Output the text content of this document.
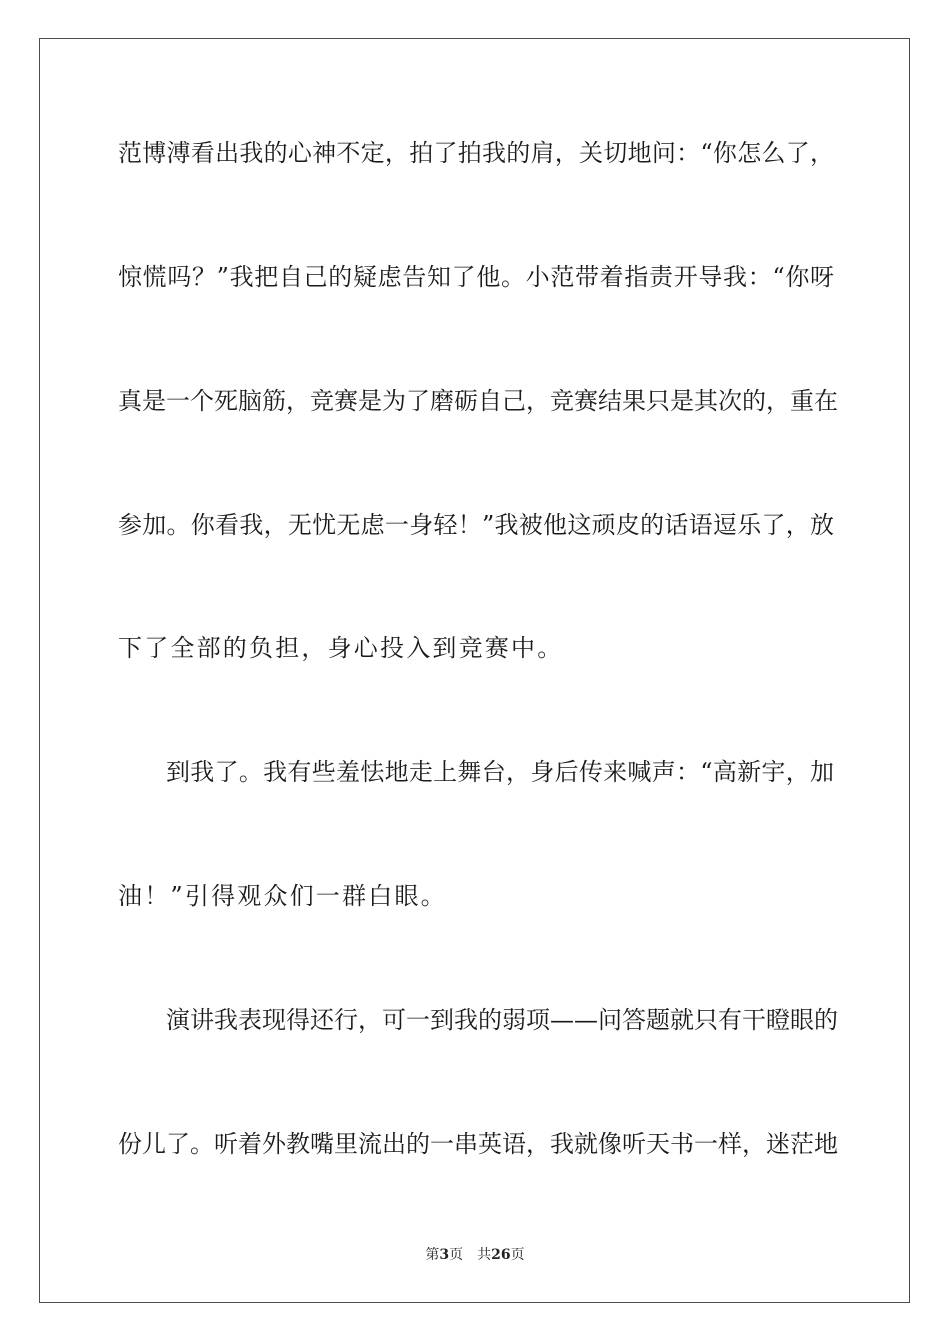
范博溥看出我的心神不定，拍了拍我的肩，关切地问：“你怎么了，
惊慌吗？”我把自己的疑虑告知了他。小范带着指责开导我：“你呀
真是一个死脑筋，竞赛是为了磨砺自己，竞赛结果只是其次的，重在
参加。你看我，无忧无虑一身轻！”我被他这顽皮的话语逗乐了，放
下了全部的负担，身心投入到竞赛中。
到我了。我有些羞怯地走上舞台，身后传来喊声：“高新宇，加
油！”引得观众们一群白眼。
演讲我表现得还行，可一到我的弱项——问答题就只有干瞪眼的
份儿了。听着外教嘴里流出的一串英语，我就像听天书一样，迷茫地
第3页 共26页
